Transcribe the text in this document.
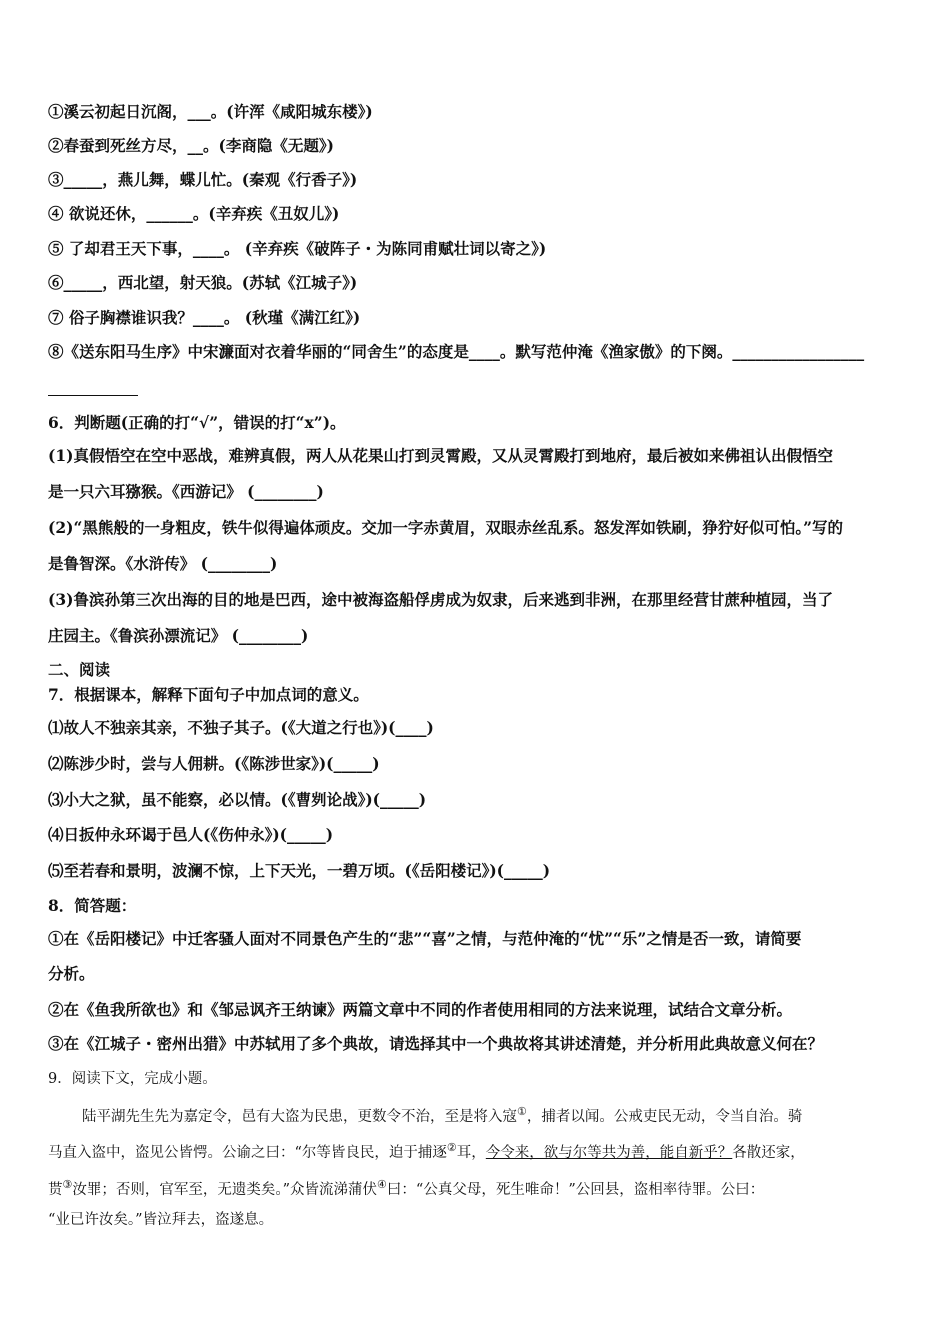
①溪云初起日沉阁，___。(许浑《咸阳城东楼》)
②春蚕到死丝方尽，__。(李商隐《无题》)
③_____，燕儿舞，蝶儿忙。(秦观《行香子》)
④ 欲说还休，______。(辛弃疾《丑奴儿》)
⑤ 了却君王天下事，____。 (辛弃疾《破阵子・为陈同甫赋壮词以寄之》)
⑥_____，西北望，射天狼。(苏轼《江城子》)
⑦ 俗子胸襟谁识我？____。 (秋瑾《满江红》)
⑧《送东阳马生序》中宋濂面对衣着华丽的“同舍生”的态度是____。默写范仲淹《渔家傲》的下阕。_________________
6．判断题(正确的打“√”，错误的打“x”)。
(1)真假悟空在空中恶战，难辨真假，两人从花果山打到灵霄殿，又从灵霄殿打到地府，最后被如来佛祖认出假悟空
是一只六耳猕猴。《西游记》 (________)
(2)“黑熊般的一身粗皮，铁牛似得遍体顽皮。交加一字赤黄眉，双眼赤丝乱系。怒发浑如铁刷，狰狞好似可怕。”写的
是鲁智深。《水浒传》 (________)
(3)鲁滨孙第三次出海的目的地是巴西，途中被海盗船俘虏成为奴隶，后来逃到非洲，在那里经营甘蔗种植园，当了
庄园主。《鲁滨孙漂流记》 (________)
二、阅读
7．根据课本，解释下面句子中加点词的意义。
⑴故人不独亲其亲，不独子其子。(《大道之行也》)(____)
⑵陈涉少时，尝与人佣耕。(《陈涉世家》)(_____)
⑶小大之狱，虽不能察，必以情。(《曹刿论战》)(_____)
⑷日扳仲永环谒于邑人(《伤仲永》)(_____)
⑸至若春和景明，波澜不惊，上下天光，一碧万顷。(《岳阳楼记》)(_____)
8．简答题：
①在《岳阳楼记》中迁客骚人面对不同景色产生的“悲”“喜”之情，与范仲淹的“忧”“乐”之情是否一致，请简要
分析。
②在《鱼我所欲也》和《邹忌讽齐王纳谏》两篇文章中不同的作者使用相同的方法来说理，试结合文章分析。
③在《江城子・密州出猎》中苏轼用了多个典故，请选择其中一个典故将其讲述清楚，并分析用此典故意义何在？
9．阅读下文，完成小题。
陆平湖先生先为嘉定令，邑有大盗为民患，更数令不治，至是将入寇①，捕者以闻。公戒吏民无动，令当自治。骑
马直入盗中，盗见公皆愕。公谕之曰：“尔等皆良民，迫于捕逐②耳，今令来，欲与尔等共为善，能自新乎？各散还家，
贳③汝罪；否则，官军至，无遗类矣。”众皆流涕蒲伏④曰：“公真父母，死生唯命！”公回县，盗相率待罪。公曰：
“业已许汝矣。”皆泣拜去，盗遂息。
